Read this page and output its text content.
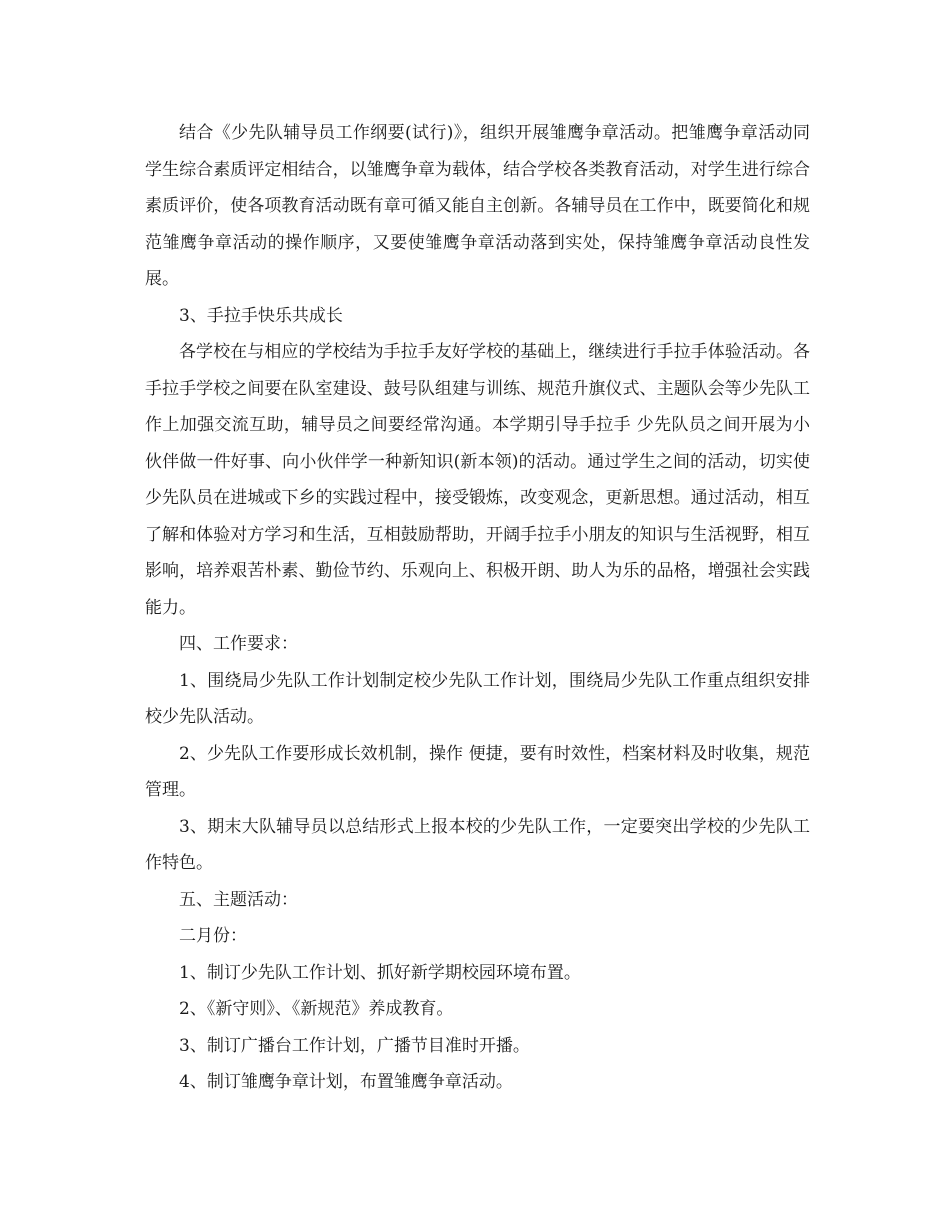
结合《少先队辅导员工作纲要(试行)》，组织开展雏鹰争章活动。把雏鹰争章活动同学生综合素质评定相结合，以雏鹰争章为载体，结合学校各类教育活动，对学生进行综合素质评价，使各项教育活动既有章可循又能自主创新。各辅导员在工作中，既要简化和规范雏鹰争章活动的操作顺序，又要使雏鹰争章活动落到实处，保持雏鹰争章活动良性发展。

3、手拉手快乐共成长

各学校在与相应的学校结为手拉手友好学校的基础上，继续进行手拉手体验活动。各手拉手学校之间要在队室建设、鼓号队组建与训练、规范升旗仪式、主题队会等少先队工作上加强交流互助，辅导员之间要经常沟通。本学期引导手拉手 少先队员之间开展为小伙伴做一件好事、向小伙伴学一种新知识(新本领)的活动。通过学生之间的活动，切实使少先队员在进城或下乡的实践过程中，接受锻炼，改变观念，更新思想。通过活动，相互了解和体验对方学习和生活，互相鼓励帮助，开阔手拉手小朋友的知识与生活视野，相互影响，培养艰苦朴素、勤俭节约、乐观向上、积极开朗、助人为乐的品格，增强社会实践能力。

四、工作要求：

1、围绕局少先队工作计划制定校少先队工作计划，围绕局少先队工作重点组织安排校少先队活动。

2、少先队工作要形成长效机制，操作 便捷，要有时效性，档案材料及时收集，规范管理。

3、期末大队辅导员以总结形式上报本校的少先队工作，一定要突出学校的少先队工作特色。

五、主题活动：

二月份：

1、制订少先队工作计划、抓好新学期校园环境布置。

2、《新守则》、《新规范》养成教育。

3、制订广播台工作计划，广播节目准时开播。

4、制订雏鹰争章计划，布置雏鹰争章活动。
